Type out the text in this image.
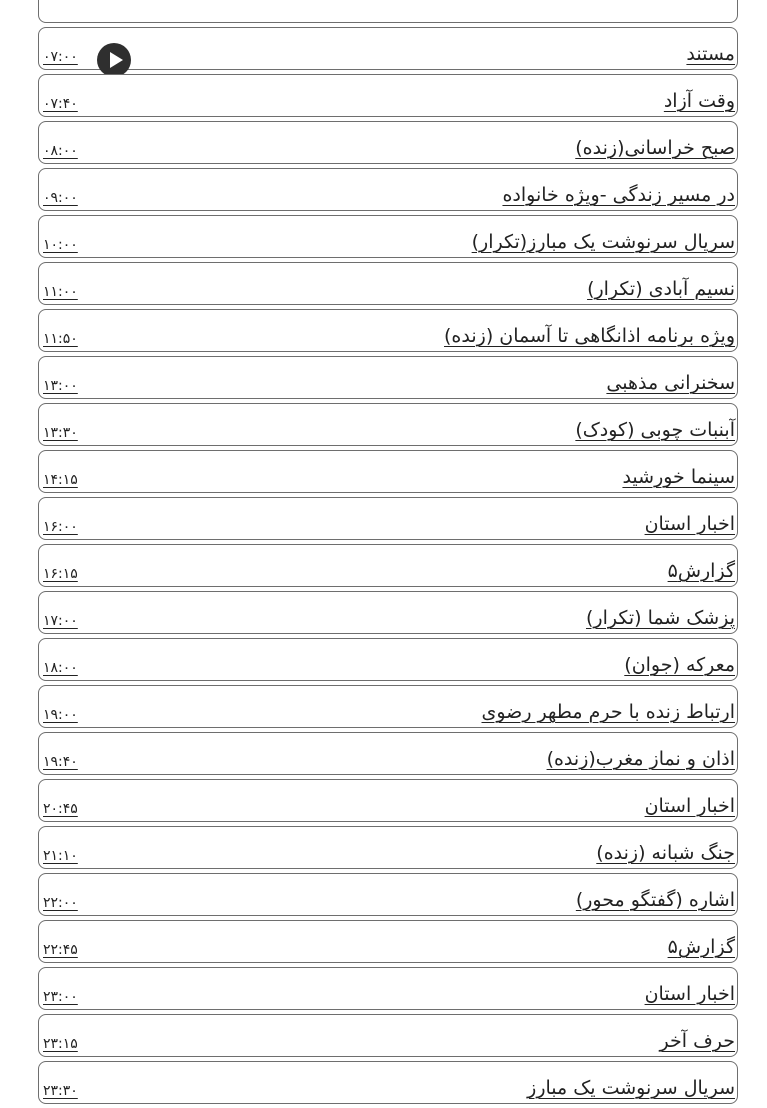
مستند
۰۷:۰۰
وقت آزاد
۰۷:۴۰
صبح خراسانی(زنده)
۰۸:۰۰
در مسیر زندگی -ویژه خانواده
۰۹:۰۰
سریال سرنوشت یک مبارز(تکرار)
۱۰:۰۰
نسیم آبادی (تکرار)
۱۱:۰۰
ویژه برنامه اذانگاهی تا آسمان (زنده)
۱۱:۵۰
سخنرانی مذهبی
۱۳:۰۰
آبنبات چوبی (کودک)
۱۳:۳۰
سینما خورشید
۱۴:۱۵
اخبار استان
۱۶:۰۰
گزارش۵
۱۶:۱۵
پزشک شما (تکرار)
۱۷:۰۰
معرکه (جوان)
۱۸:۰۰
ارتباط زنده با حرم مطهر رضوی
۱۹:۰۰
اذان و نماز مغرب(زنده)
۱۹:۴۰
اخبار استان
۲۰:۴۵
جنگ شبانه (زنده)
۲۱:۱۰
اشاره (گفتگو محور)
۲۲:۰۰
گزارش۵
۲۲:۴۵
اخبار استان
۲۳:۰۰
حرف آخر
۲۳:۱۵
سریال سرنوشت یک مبارز
۲۳:۳۰
